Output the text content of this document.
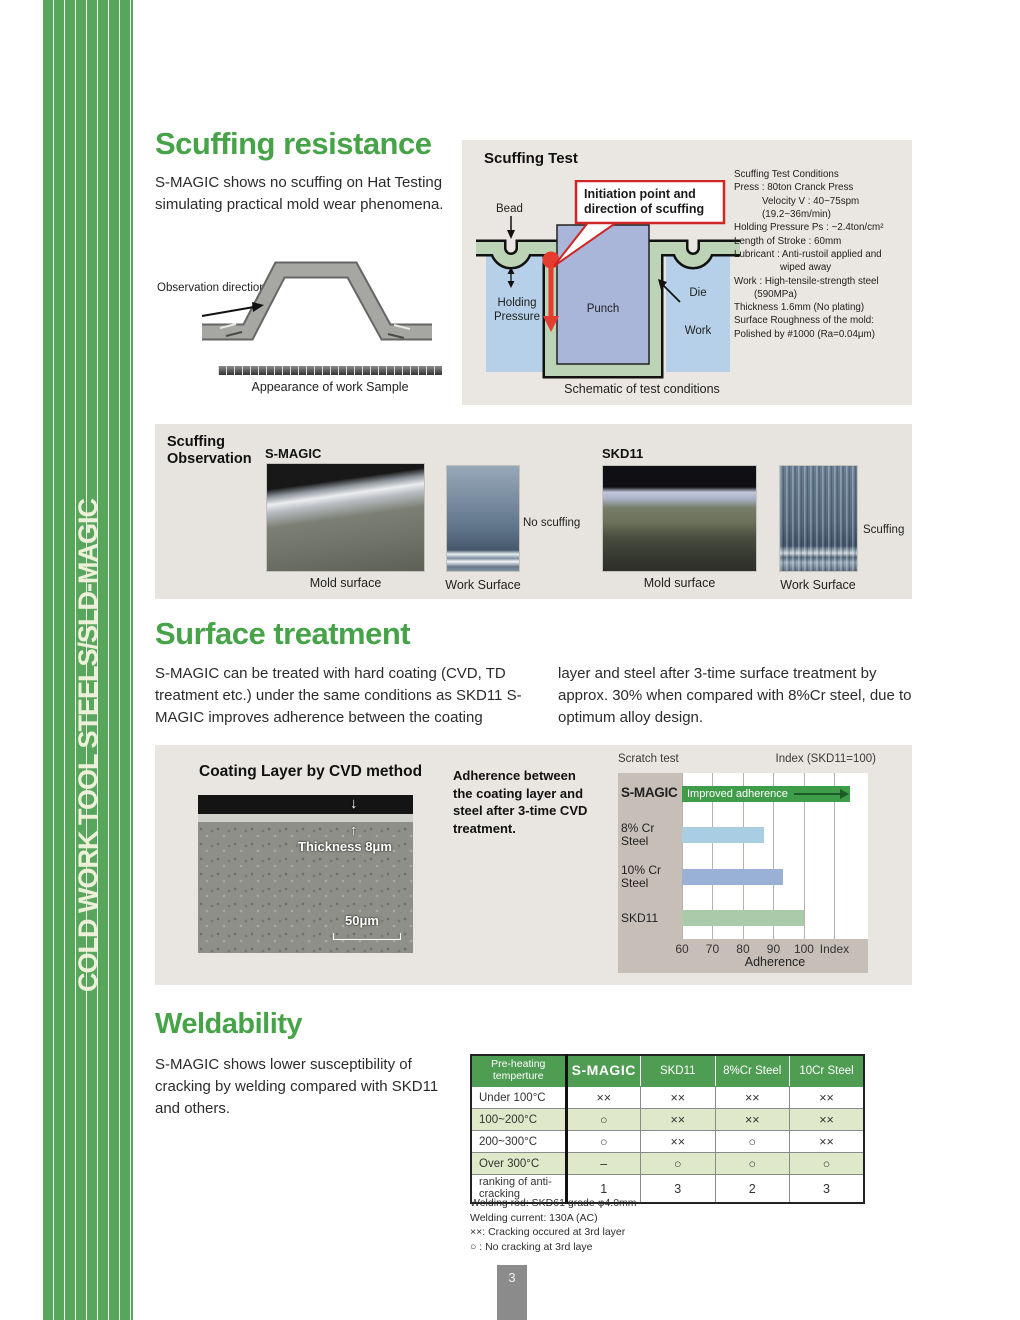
COLD WORK TOOL STEELS/SLD-MAGIC
Scuffing resistance
S-MAGIC shows no scuffing on Hat Testing simulating practical mold wear phenomena.
Observation direction
Appearance of work Sample
Scuffing Test
Initiation point and
direction of scuffing
Bead
Holding
Pressure
Punch
Die
Work
Schematic of test conditions
Scuffing Test Conditions
Press : 80ton Cranck Press
Velocity V : 40~75spm
(19.2~36m/min)
Holding Pressure Ps : ~2.4ton/cm²
Length of Stroke : 60mm
Lubricant : Anti-rustoil applied and
wiped away
Work : High-tensile-strength steel
(590MPa)
Thickness 1.6mm (No plating)
Surface Roughness of the mold:
Polished by #1000 (Ra=0.04μm)
Scuffing
Observation S-MAGIC
No scuffing
Mold surface	Work Surface
SKD11
Scuffing
Mold surface	Work Surface
Surface treatment
S-MAGIC can be treated with hard coating (CVD, TD treatment etc.) under the same conditions as SKD11 S-MAGIC improves adherence between the coating
layer and steel after 3-time surface treatment by approx. 30% when compared with 8%Cr steel, due to optimum alloy design.
Coating Layer by CVD method
↓
↑
Thickness 8μm
50μm
Adherence between the coating layer and steel after 3-time CVD treatment.
Scratch test	Index (SKD11=100)
S-MAGIC Improved adherence
8% Cr Steel
10% Cr Steel
SKD11
60 70 80 90 100 Index
Adherence
Weldability
S-MAGIC shows lower susceptibility of cracking by welding compared with SKD11 and others.
Pre-heating temperture	S-MAGIC	SKD11	8%Cr Steel	10Cr Steel
Under 100°C	××	××	××	××
100~200°C	○	××	××	××
200~300°C	○	××	○	××
Over 300°C	–	○	○	○
ranking of anti-cracking	1	3	2	3
Welding rod: SKD61 grade φ4.0mm
Welding current: 130A (AC)
××: Cracking occured at 3rd layer
○ : No cracking at 3rd laye
3
